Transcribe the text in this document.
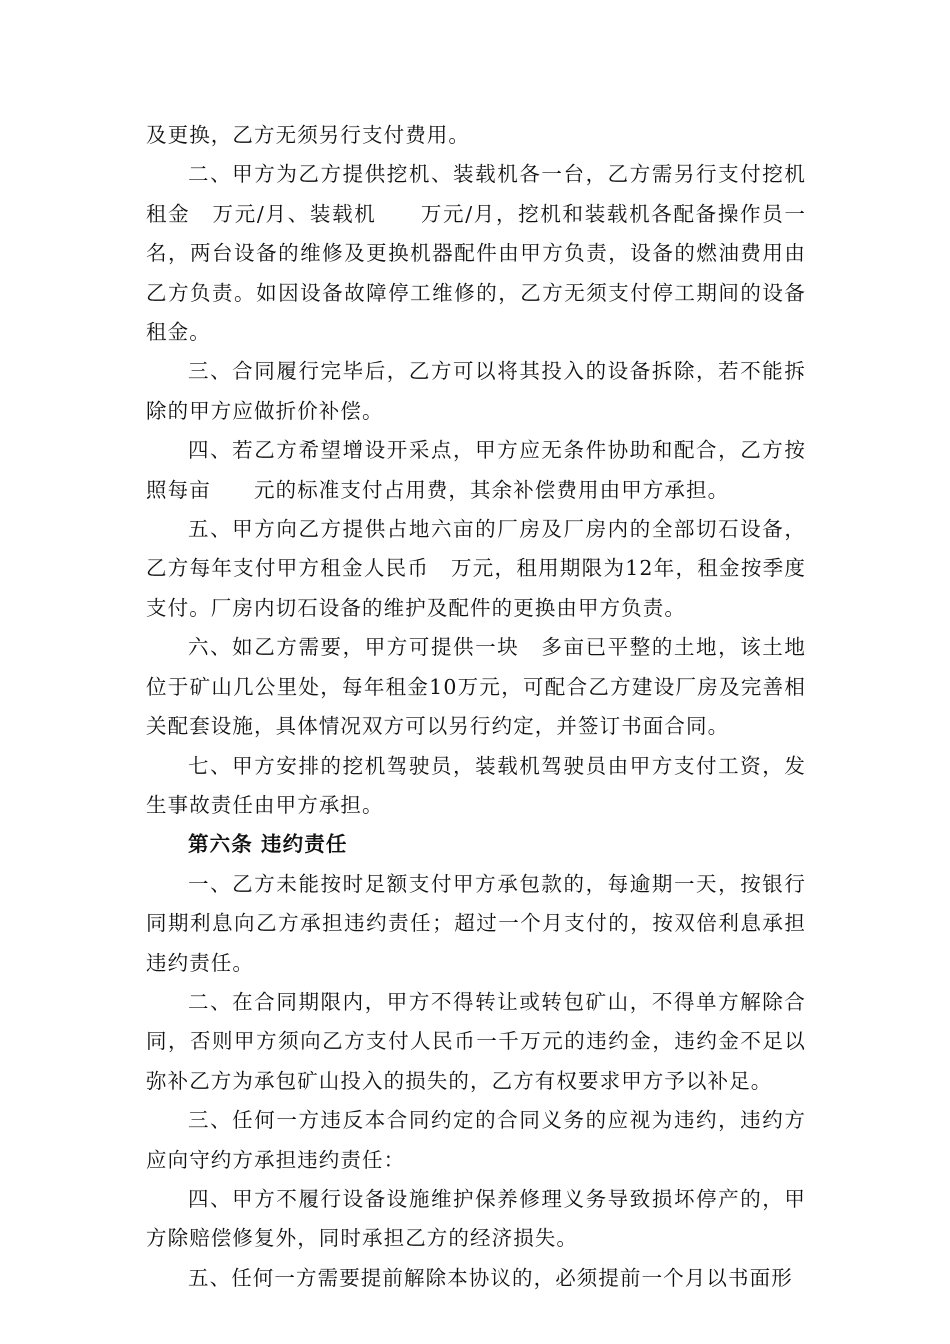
及更换，乙方无须另行支付费用。

二、甲方为乙方提供挖机、装载机各一台，乙方需另行支付挖机租金　万元/月、装载机　　万元/月，挖机和装载机各配备操作员一名，两台设备的维修及更换机器配件由甲方负责，设备的燃油费用由乙方负责。如因设备故障停工维修的，乙方无须支付停工期间的设备租金。

三、合同履行完毕后，乙方可以将其投入的设备拆除，若不能拆除的甲方应做折价补偿。

四、若乙方希望增设开采点，甲方应无条件协助和配合，乙方按照每亩　　元的标准支付占用费，其余补偿费用由甲方承担。

五、甲方向乙方提供占地六亩的厂房及厂房内的全部切石设备，乙方每年支付甲方租金人民币　万元，租用期限为12年，租金按季度支付。厂房内切石设备的维护及配件的更换由甲方负责。

六、如乙方需要，甲方可提供一块　多亩已平整的土地，该土地位于矿山几公里处，每年租金10万元，可配合乙方建设厂房及完善相关配套设施，具体情况双方可以另行约定，并签订书面合同。

七、甲方安排的挖机驾驶员，装载机驾驶员由甲方支付工资，发生事故责任由甲方承担。

第六条 违约责任

一、乙方未能按时足额支付甲方承包款的，每逾期一天，按银行同期利息向乙方承担违约责任；超过一个月支付的，按双倍利息承担违约责任。

二、在合同期限内，甲方不得转让或转包矿山，不得单方解除合同，否则甲方须向乙方支付人民币一千万元的违约金，违约金不足以弥补乙方为承包矿山投入的损失的，乙方有权要求甲方予以补足。

三、任何一方违反本合同约定的合同义务的应视为违约，违约方应向守约方承担违约责任：

四、甲方不履行设备设施维护保养修理义务导致损坏停产的，甲方除赔偿修复外，同时承担乙方的经济损失。

五、任何一方需要提前解除本协议的，必须提前一个月以书面形
